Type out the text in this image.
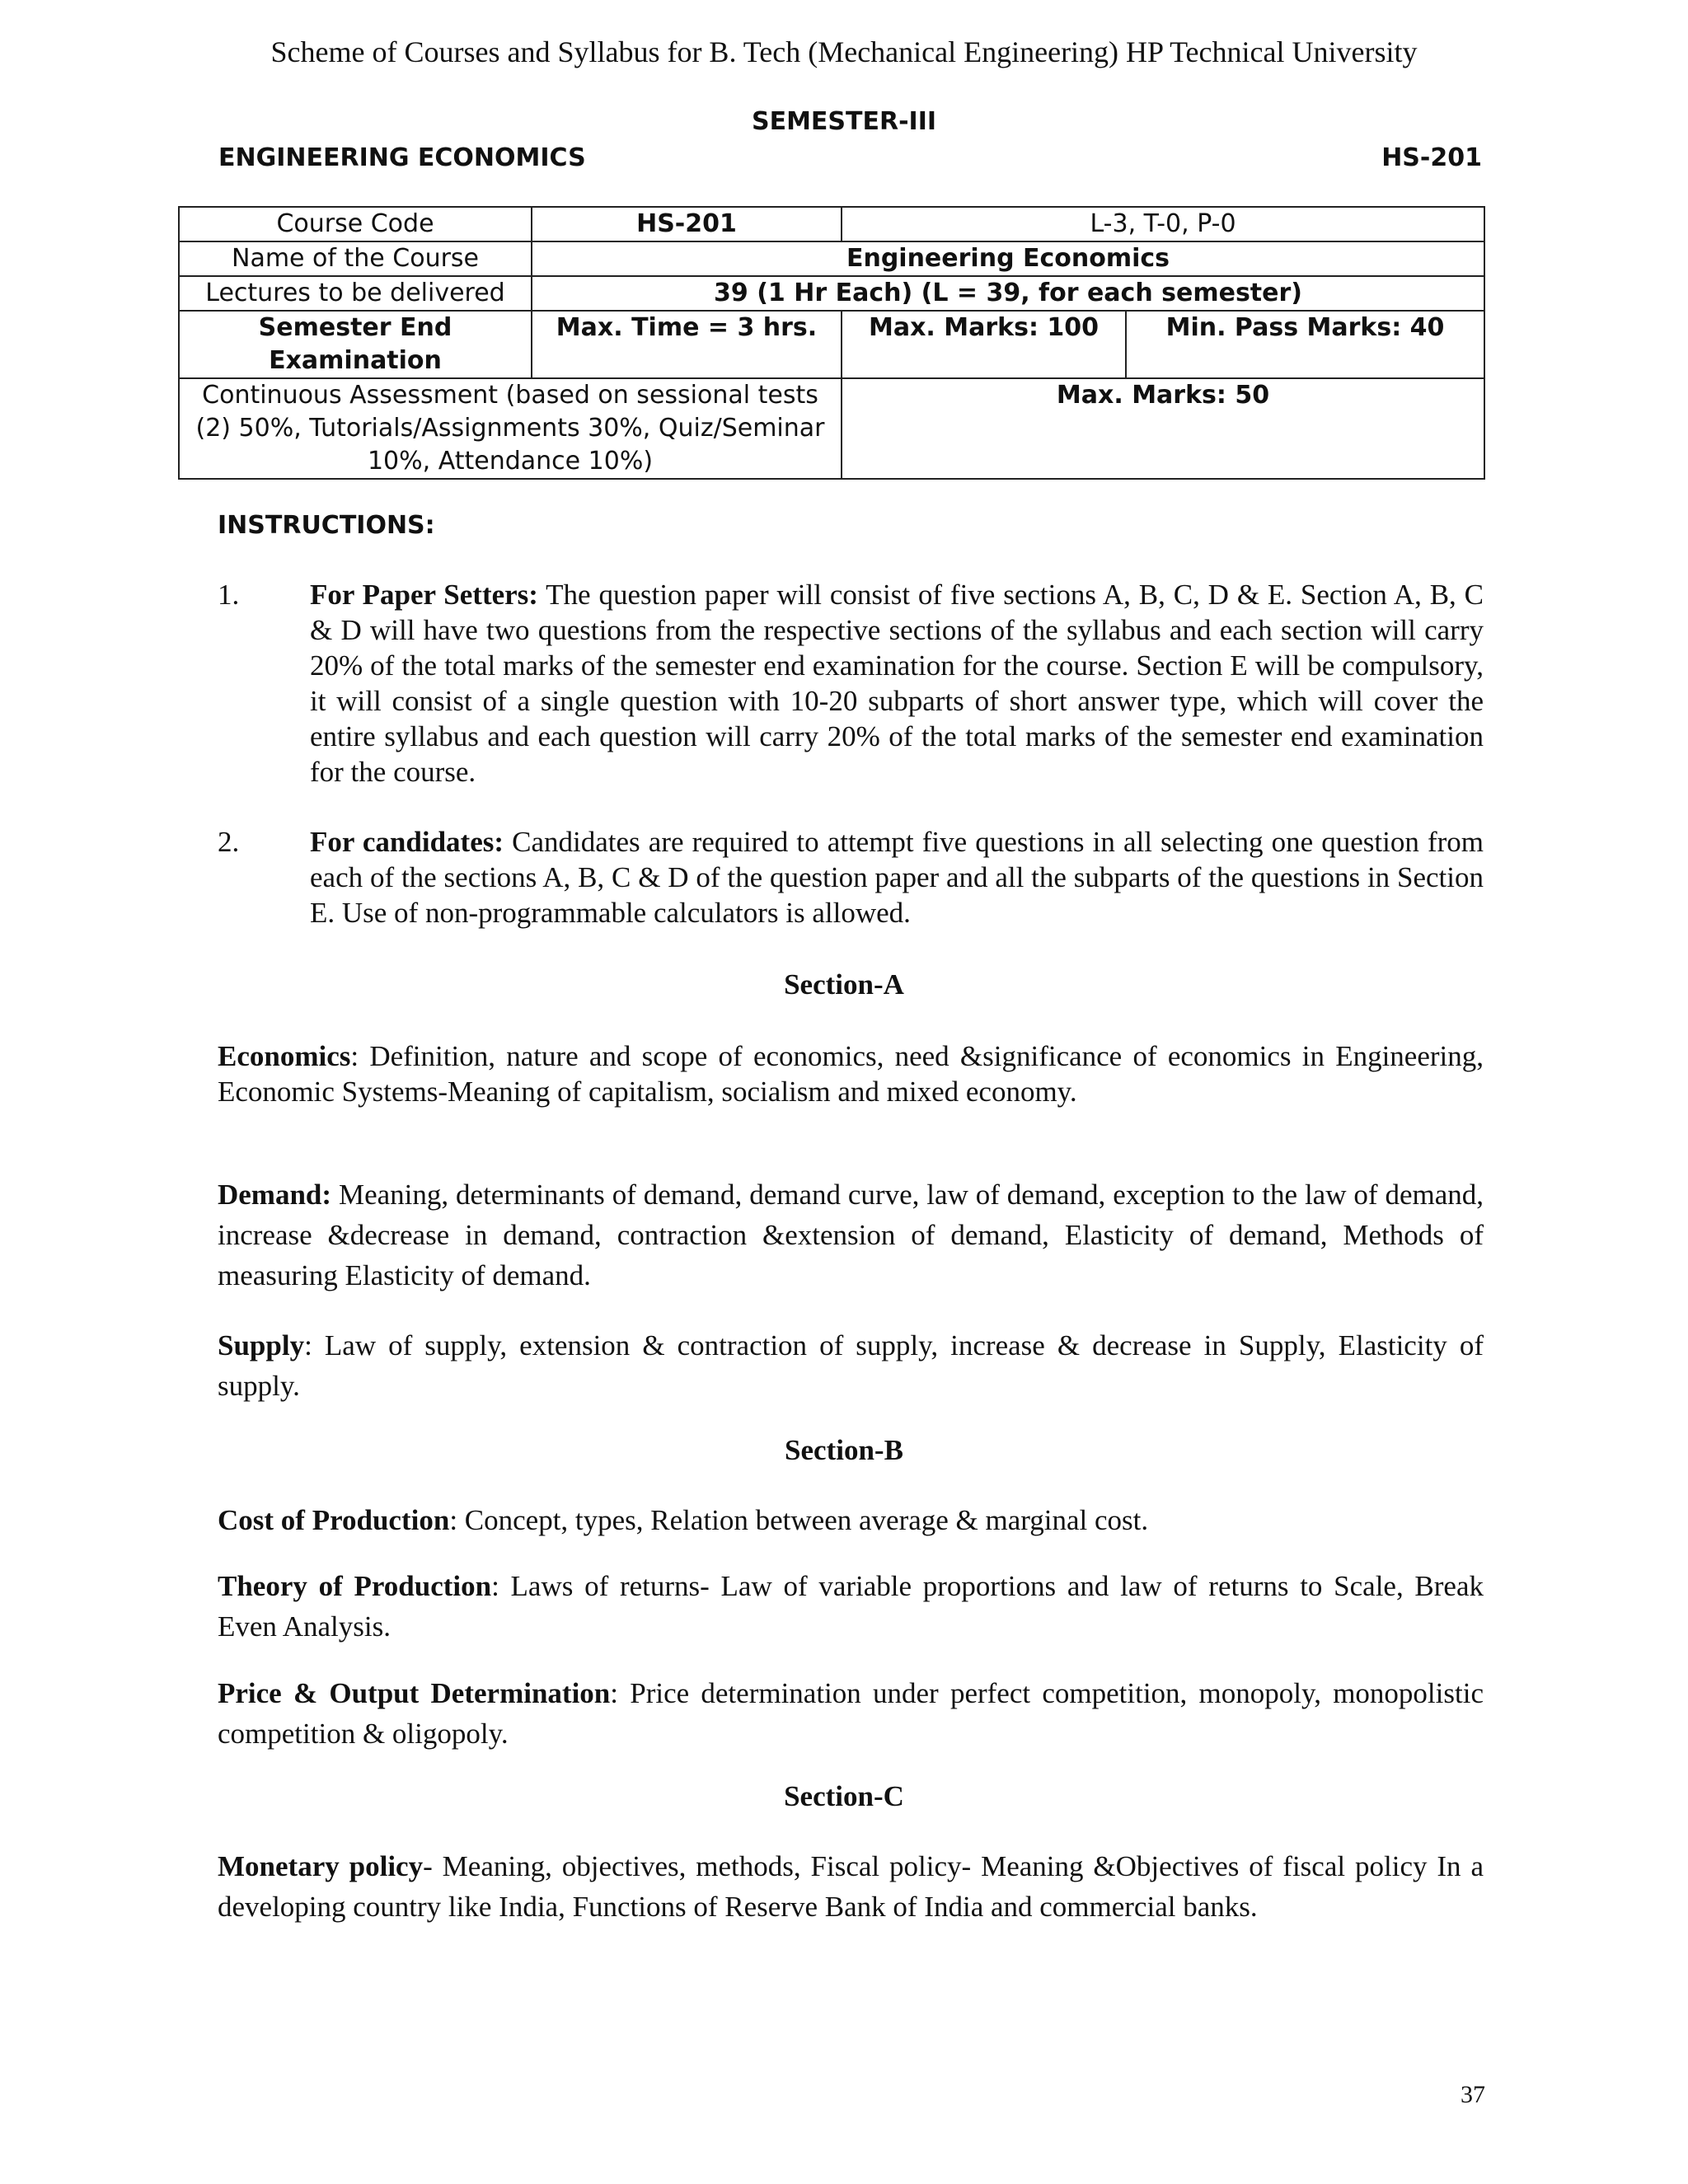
Scheme of Courses and Syllabus for B. Tech (Mechanical Engineering) HP Technical University
SEMESTER-III
ENGINEERING ECONOMICS	HS-201
Course Code	HS-201	L-3, T-0, P-0	
Name of the Course	Engineering Economics		
Lectures to be delivered	39 (1 Hr Each) (L = 39, for each semester)		
Semester End Examination	Max. Time = 3 hrs.	Max. Marks: 100	Min. Pass Marks: 40
Continuous Assessment (based on sessional tests (2) 50%, Tutorials/Assignments 30%, Quiz/Seminar 10%, Attendance 10%)		Max. Marks: 50	
INSTRUCTIONS:
1. For Paper Setters: The question paper will consist of five sections A, B, C, D & E. Section A, B, C & D will have two questions from the respective sections of the syllabus and each section will carry 20% of the total marks of the semester end examination for the course. Section E will be compulsory, it will consist of a single question with 10-20 subparts of short answer type, which will cover the entire syllabus and each question will carry 20% of the total marks of the semester end examination for the course.
2. For candidates: Candidates are required to attempt five questions in all selecting one question from each of the sections A, B, C & D of the question paper and all the subparts of the questions in Section E. Use of non-programmable calculators is allowed.
Section-A
Economics: Definition, nature and scope of economics, need &significance of economics in Engineering, Economic Systems-Meaning of capitalism, socialism and mixed economy.
Demand: Meaning, determinants of demand, demand curve, law of demand, exception to the law of demand, increase &decrease in demand, contraction &extension of demand, Elasticity of demand, Methods of measuring Elasticity of demand.
Supply: Law of supply, extension & contraction of supply, increase & decrease in Supply, Elasticity of supply.
Section-B
Cost of Production: Concept, types, Relation between average & marginal cost.
Theory of Production: Laws of returns- Law of variable proportions and law of returns to Scale, Break Even Analysis.
Price & Output Determination: Price determination under perfect competition, monopoly, monopolistic competition & oligopoly.
Section-C
Monetary policy- Meaning, objectives, methods, Fiscal policy- Meaning &Objectives of fiscal policy In a developing country like India, Functions of Reserve Bank of India and commercial banks.
37
